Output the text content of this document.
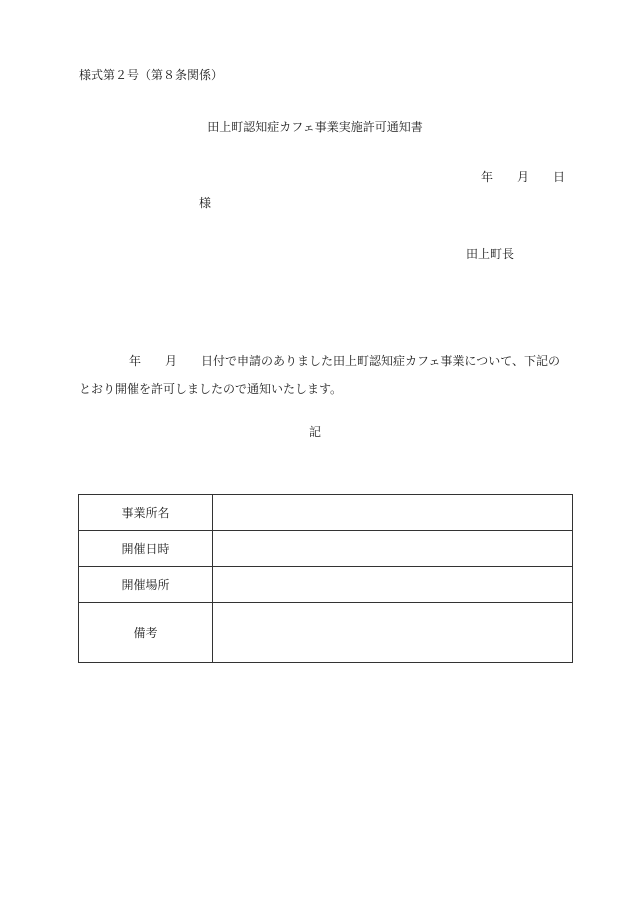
様式第２号（第８条関係）
田上町認知症カフェ事業実施許可通知書
年 月 日
様
田上町長
年 月 日付で申請のありました田上町認知症カフェ事業について、下記の
とおり開催を許可しましたので通知いたします。
記
事業所名	
開催日時	
開催場所	
備考	
